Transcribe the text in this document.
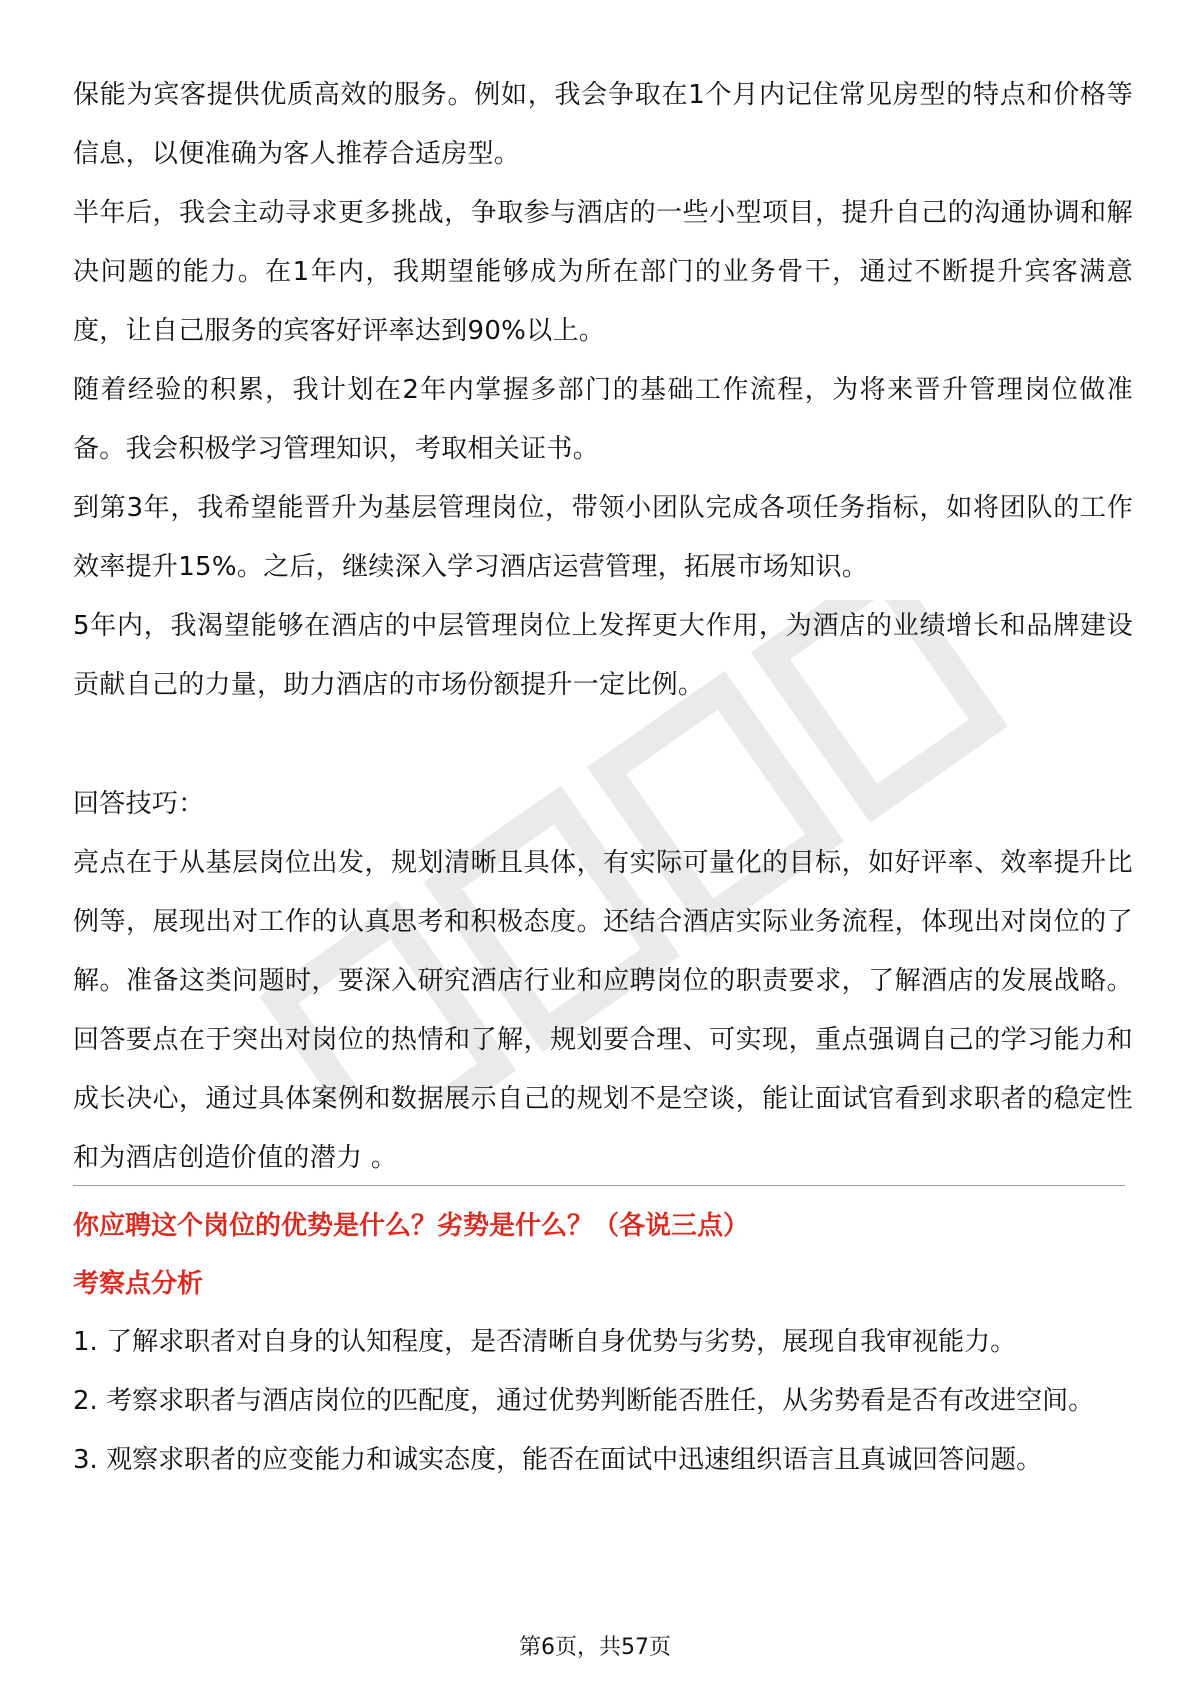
保能为宾客提供优质高效的服务。例如，我会争取在1个月内记住常见房型的特点和价格等信息，以便准确为客人推荐合适房型。

半年后，我会主动寻求更多挑战，争取参与酒店的一些小型项目，提升自己的沟通协调和解决问题的能力。在1年内，我期望能够成为所在部门的业务骨干，通过不断提升宾客满意度，让自己服务的宾客好评率达到90%以上。

随着经验的积累，我计划在2年内掌握多部门的基础工作流程，为将来晋升管理岗位做准备。我会积极学习管理知识，考取相关证书。

到第3年，我希望能晋升为基层管理岗位，带领小团队完成各项任务指标，如将团队的工作效率提升15%。之后，继续深入学习酒店运营管理，拓展市场知识。

5年内，我渴望能够在酒店的中层管理岗位上发挥更大作用，为酒店的业绩增长和品牌建设贡献自己的力量，助力酒店的市场份额提升一定比例。

回答技巧：

亮点在于从基层岗位出发，规划清晰且具体，有实际可量化的目标，如好评率、效率提升比例等，展现出对工作的认真思考和积极态度。还结合酒店实际业务流程，体现出对岗位的了解。准备这类问题时，要深入研究酒店行业和应聘岗位的职责要求，了解酒店的发展战略。回答要点在于突出对岗位的热情和了解，规划要合理、可实现，重点强调自己的学习能力和成长决心，通过具体案例和数据展示自己的规划不是空谈，能让面试官看到求职者的稳定性和为酒店创造价值的潜力 。

你应聘这个岗位的优势是什么？劣势是什么？（各说三点）

考察点分析

1. 了解求职者对自身的认知程度，是否清晰自身优势与劣势，展现自我审视能力。

2. 考察求职者与酒店岗位的匹配度，通过优势判断能否胜任，从劣势看是否有改进空间。

3. 观察求职者的应变能力和诚实态度，能否在面试中迅速组织语言且真诚回答问题。

第6页，共57页
